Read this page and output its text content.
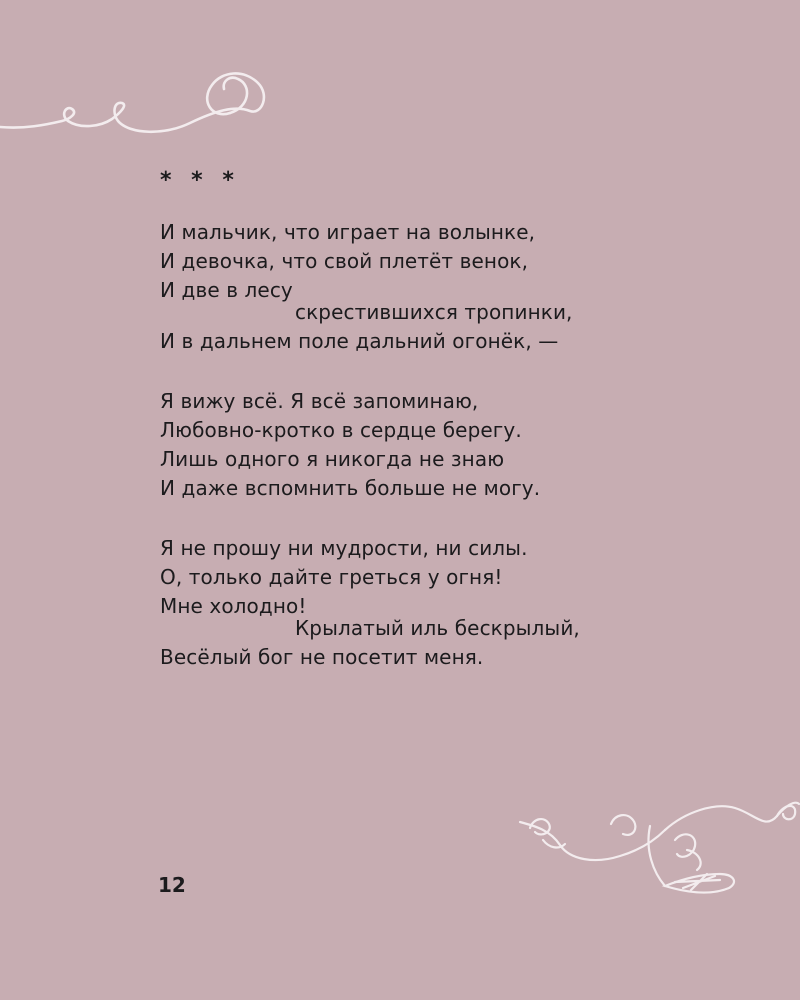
* * *
И мальчик, что играет на волынке,
И девочка, что свой плетёт венок,
И две в лесу
скрестившихся тропинки,
И в дальнем поле дальний огонёк, —
Я вижу всё. Я всё запоминаю,
Любовно-кротко в сердце берегу.
Лишь одного я никогда не знаю
И даже вспомнить больше не могу.
Я не прошу ни мудрости, ни силы.
О, только дайте греться у огня!
Мне холодно!
Крылатый иль бескрылый,
Весёлый бог не посетит меня.
12
